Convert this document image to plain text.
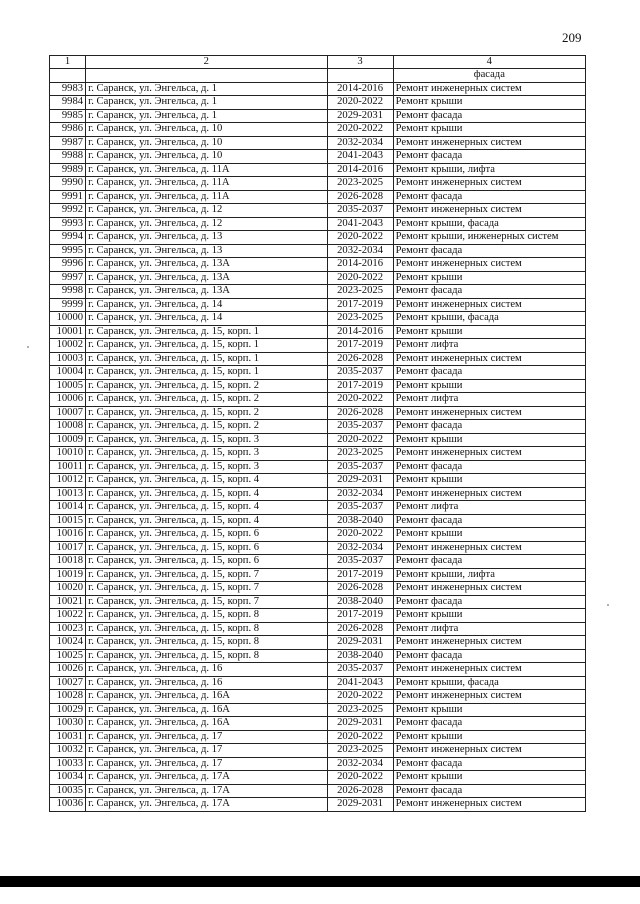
209
1	2	3	4
			фасада
9983	г. Саранск, ул. Энгельса, д. 1	2014-2016	Ремонт инженерных систем
9984	г. Саранск, ул. Энгельса, д. 1	2020-2022	Ремонт крыши
9985	г. Саранск, ул. Энгельса, д. 1	2029-2031	Ремонт фасада
9986	г. Саранск, ул. Энгельса, д. 10	2020-2022	Ремонт крыши
9987	г. Саранск, ул. Энгельса, д. 10	2032-2034	Ремонт инженерных систем
9988	г. Саранск, ул. Энгельса, д. 10	2041-2043	Ремонт фасада
9989	г. Саранск, ул. Энгельса, д. 11А	2014-2016	Ремонт крыши, лифта
9990	г. Саранск, ул. Энгельса, д. 11А	2023-2025	Ремонт инженерных систем
9991	г. Саранск, ул. Энгельса, д. 11А	2026-2028	Ремонт фасада
9992	г. Саранск, ул. Энгельса, д. 12	2035-2037	Ремонт инженерных систем
9993	г. Саранск, ул. Энгельса, д. 12	2041-2043	Ремонт крыши, фасада
9994	г. Саранск, ул. Энгельса, д. 13	2020-2022	Ремонт крыши, инженерных систем
9995	г. Саранск, ул. Энгельса, д. 13	2032-2034	Ремонт фасада
9996	г. Саранск, ул. Энгельса, д. 13А	2014-2016	Ремонт инженерных систем
9997	г. Саранск, ул. Энгельса, д. 13А	2020-2022	Ремонт крыши
9998	г. Саранск, ул. Энгельса, д. 13А	2023-2025	Ремонт фасада
9999	г. Саранск, ул. Энгельса, д. 14	2017-2019	Ремонт инженерных систем
10000	г. Саранск, ул. Энгельса, д. 14	2023-2025	Ремонт крыши, фасада
10001	г. Саранск, ул. Энгельса, д. 15, корп. 1	2014-2016	Ремонт крыши
10002	г. Саранск, ул. Энгельса, д. 15, корп. 1	2017-2019	Ремонт лифта
10003	г. Саранск, ул. Энгельса, д. 15, корп. 1	2026-2028	Ремонт инженерных систем
10004	г. Саранск, ул. Энгельса, д. 15, корп. 1	2035-2037	Ремонт фасада
10005	г. Саранск, ул. Энгельса, д. 15, корп. 2	2017-2019	Ремонт крыши
10006	г. Саранск, ул. Энгельса, д. 15, корп. 2	2020-2022	Ремонт лифта
10007	г. Саранск, ул. Энгельса, д. 15, корп. 2	2026-2028	Ремонт инженерных систем
10008	г. Саранск, ул. Энгельса, д. 15, корп. 2	2035-2037	Ремонт фасада
10009	г. Саранск, ул. Энгельса, д. 15, корп. 3	2020-2022	Ремонт крыши
10010	г. Саранск, ул. Энгельса, д. 15, корп. 3	2023-2025	Ремонт инженерных систем
10011	г. Саранск, ул. Энгельса, д. 15, корп. 3	2035-2037	Ремонт фасада
10012	г. Саранск, ул. Энгельса, д. 15, корп. 4	2029-2031	Ремонт крыши
10013	г. Саранск, ул. Энгельса, д. 15, корп. 4	2032-2034	Ремонт инженерных систем
10014	г. Саранск, ул. Энгельса, д. 15, корп. 4	2035-2037	Ремонт лифта
10015	г. Саранск, ул. Энгельса, д. 15, корп. 4	2038-2040	Ремонт фасада
10016	г. Саранск, ул. Энгельса, д. 15, корп. 6	2020-2022	Ремонт крыши
10017	г. Саранск, ул. Энгельса, д. 15, корп. 6	2032-2034	Ремонт инженерных систем
10018	г. Саранск, ул. Энгельса, д. 15, корп. 6	2035-2037	Ремонт фасада
10019	г. Саранск, ул. Энгельса, д. 15, корп. 7	2017-2019	Ремонт крыши, лифта
10020	г. Саранск, ул. Энгельса, д. 15, корп. 7	2026-2028	Ремонт инженерных систем
10021	г. Саранск, ул. Энгельса, д. 15, корп. 7	2038-2040	Ремонт фасада
10022	г. Саранск, ул. Энгельса, д. 15, корп. 8	2017-2019	Ремонт крыши
10023	г. Саранск, ул. Энгельса, д. 15, корп. 8	2026-2028	Ремонт лифта
10024	г. Саранск, ул. Энгельса, д. 15, корп. 8	2029-2031	Ремонт инженерных систем
10025	г. Саранск, ул. Энгельса, д. 15, корп. 8	2038-2040	Ремонт фасада
10026	г. Саранск, ул. Энгельса, д. 16	2035-2037	Ремонт инженерных систем
10027	г. Саранск, ул. Энгельса, д. 16	2041-2043	Ремонт крыши, фасада
10028	г. Саранск, ул. Энгельса, д. 16А	2020-2022	Ремонт инженерных систем
10029	г. Саранск, ул. Энгельса, д. 16А	2023-2025	Ремонт крыши
10030	г. Саранск, ул. Энгельса, д. 16А	2029-2031	Ремонт фасада
10031	г. Саранск, ул. Энгельса, д. 17	2020-2022	Ремонт крыши
10032	г. Саранск, ул. Энгельса, д. 17	2023-2025	Ремонт инженерных систем
10033	г. Саранск, ул. Энгельса, д. 17	2032-2034	Ремонт фасада
10034	г. Саранск, ул. Энгельса, д. 17А	2020-2022	Ремонт крыши
10035	г. Саранск, ул. Энгельса, д. 17А	2026-2028	Ремонт фасада
10036	г. Саранск, ул. Энгельса, д. 17А	2029-2031	Ремонт инженерных систем
